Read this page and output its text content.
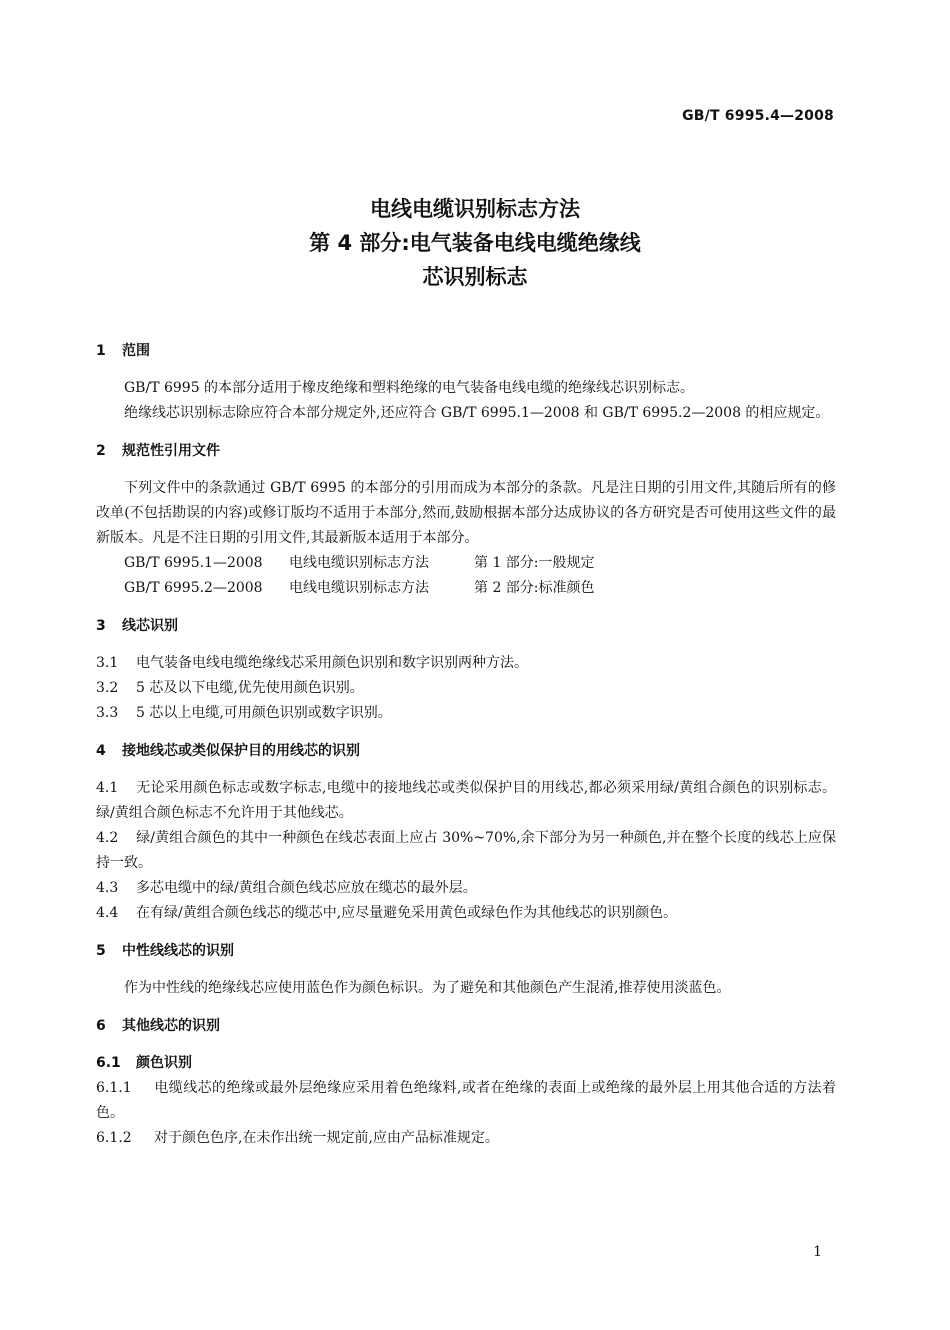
GB/T 6995.4—2008
电线电缆识别标志方法
第 4 部分:电气装备电线电缆绝缘线
芯识别标志
1 范围

GB/T 6995 的本部分适用于橡皮绝缘和塑料绝缘的电气装备电线电缆的绝缘线芯识别标志。

绝缘线芯识别标志除应符合本部分规定外,还应符合 GB/T 6995.1—2008 和 GB/T 6995.2—2008 的相应规定。

2 规范性引用文件

下列文件中的条款通过 GB/T 6995 的本部分的引用而成为本部分的条款。凡是注日期的引用文件,其随后所有的修改单(不包括勘误的内容)或修订版均不适用于本部分,然而,鼓励根据本部分达成协议的各方研究是否可使用这些文件的最新版本。凡是不注日期的引用文件,其最新版本适用于本部分。

GB/T 6995.1—2008 电线电缆识别标志方法	第 1 部分:一般规定

GB/T 6995.2—2008 电线电缆识别标志方法	第 2 部分:标准颜色

3 线芯识别

3.1 电气装备电线电缆绝缘线芯采用颜色识别和数字识别两种方法。

3.2 5 芯及以下电缆,优先使用颜色识别。

3.3 5 芯以上电缆,可用颜色识别或数字识别。

4 接地线芯或类似保护目的用线芯的识别

4.1 无论采用颜色标志或数字标志,电缆中的接地线芯或类似保护目的用线芯,都必须采用绿/黄组合颜色的识别标志。绿/黄组合颜色标志不允许用于其他线芯。

4.2 绿/黄组合颜色的其中一种颜色在线芯表面上应占 30%~70%,余下部分为另一种颜色,并在整个长度的线芯上应保持一致。

4.3 多芯电缆中的绿/黄组合颜色线芯应放在缆芯的最外层。

4.4 在有绿/黄组合颜色线芯的缆芯中,应尽量避免采用黄色或绿色作为其他线芯的识别颜色。

5 中性线线芯的识别

作为中性线的绝缘线芯应使用蓝色作为颜色标识。为了避免和其他颜色产生混淆,推荐使用淡蓝色。

6 其他线芯的识别

6.1 颜色识别

6.1.1 电缆线芯的绝缘或最外层绝缘应采用着色绝缘料,或者在绝缘的表面上或绝缘的最外层上用其他合适的方法着色。

6.1.2 对于颜色色序,在未作出统一规定前,应由产品标准规定。

1
